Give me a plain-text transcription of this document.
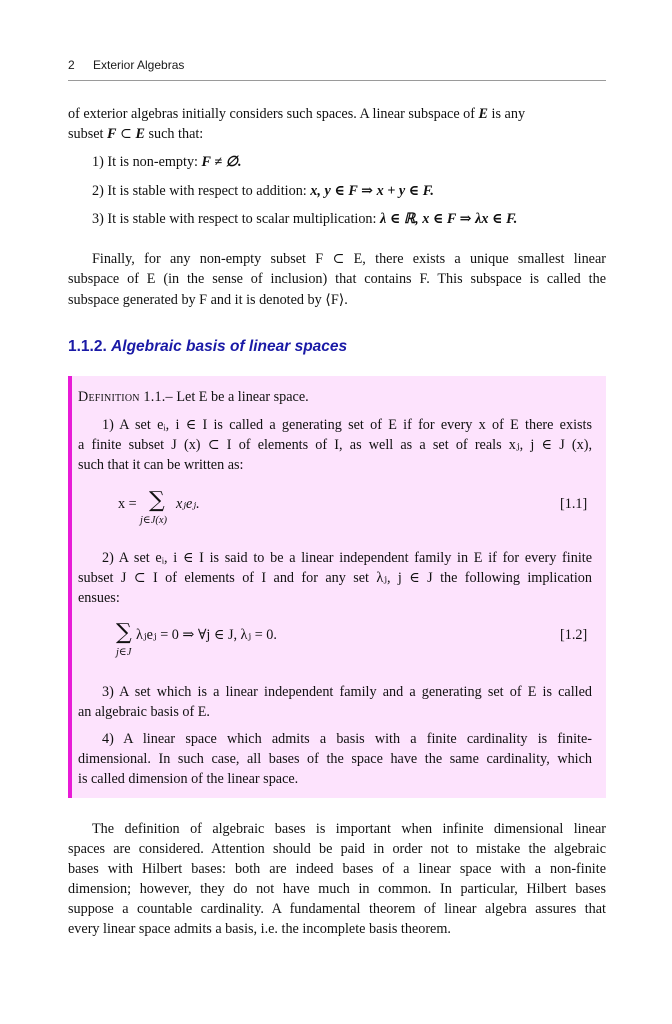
2 Exterior Algebras
of exterior algebras initially considers such spaces. A linear subspace of E is any
subset F ⊂ E such that:
1) It is non-empty: F ≠ ∅.
2) It is stable with respect to addition: x, y ∈ F ⇒ x + y ∈ F.
3) It is stable with respect to scalar multiplication: λ ∈ ℝ, x ∈ F ⇒ λx ∈ F.
Finally, for any non-empty subset F ⊂ E, there exists a unique smallest linear
subspace of E (in the sense of inclusion) that contains F. This subspace is called the
subspace generated by F and it is denoted by ⟨F⟩.
1.1.2. Algebraic basis of linear spaces
Definition 1.1.– Let E be a linear space.
1) A set eᵢ, i ∈ I is called a generating set of E if for every x of E there exists
a finite subset J (x) ⊂ I of elements of I, as well as a set of reals xⱼ, j ∈ J (x),
such that it can be written as:
x = ∑ xⱼeⱼ.
j∈J(x)
[1.1]
2) A set eᵢ, i ∈ I is said to be a linear independent family in E if for every finite
subset J ⊂ I of elements of I and for any set λⱼ, j ∈ J the following implication
ensues:
∑ λⱼeⱼ = 0 ⇒ ∀j ∈ J, λⱼ = 0.
j∈J
[1.2]
3) A set which is a linear independent family and a generating set of E is called
an algebraic basis of E.
4) A linear space which admits a basis with a finite cardinality is finite-
dimensional. In such case, all bases of the space have the same cardinality, which
is called dimension of the linear space.
The definition of algebraic bases is important when infinite dimensional linear
spaces are considered. Attention should be paid in order not to mistake the algebraic
bases with Hilbert bases: both are indeed bases of a linear space with a non-finite
dimension; however, they do not have much in common. In particular, Hilbert bases
suppose a countable cardinality. A fundamental theorem of linear algebra assures that
every linear space admits a basis, i.e. the incomplete basis theorem.
